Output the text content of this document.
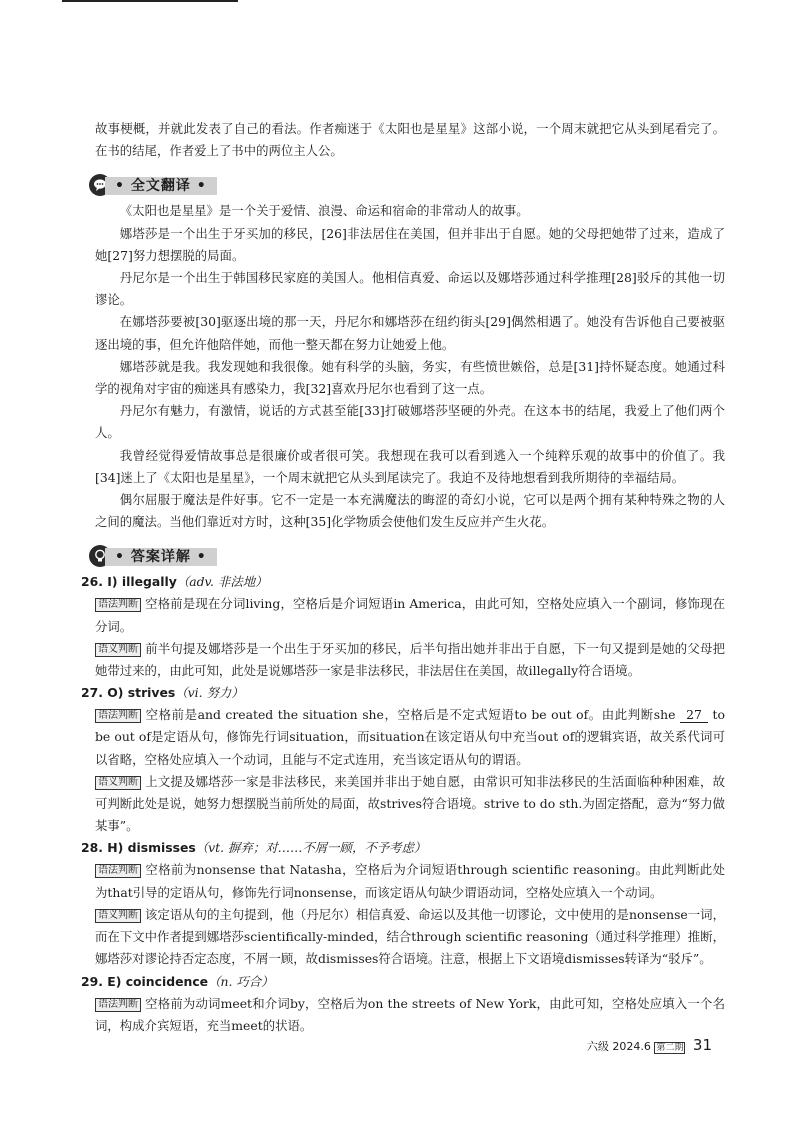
故事梗概，并就此发表了自己的看法。作者痴迷于《太阳也是星星》这部小说，一个周末就把它从头到尾看完了。在书的结尾，作者爱上了书中的两位主人公。

• 全文翻译 •

《太阳也是星星》是一个关于爱情、浪漫、命运和宿命的非常动人的故事。

娜塔莎是一个出生于牙买加的移民，[26]非法居住在美国，但并非出于自愿。她的父母把她带了过来，造成了她[27]努力想摆脱的局面。

丹尼尔是一个出生于韩国移民家庭的美国人。他相信真爱、命运以及娜塔莎通过科学推理[28]驳斥的其他一切谬论。

在娜塔莎要被[30]驱逐出境的那一天，丹尼尔和娜塔莎在纽约街头[29]偶然相遇了。她没有告诉他自己要被驱逐出境的事，但允许他陪伴她，而他一整天都在努力让她爱上他。

娜塔莎就是我。我发现她和我很像。她有科学的头脑，务实，有些愤世嫉俗，总是[31]持怀疑态度。她通过科学的视角对宇宙的痴迷具有感染力，我[32]喜欢丹尼尔也看到了这一点。

丹尼尔有魅力，有激情，说话的方式甚至能[33]打破娜塔莎坚硬的外壳。在这本书的结尾，我爱上了他们两个人。

我曾经觉得爱情故事总是很廉价或者很可笑。我想现在我可以看到逃入一个纯粹乐观的故事中的价值了。我[34]迷上了《太阳也是星星》，一个周末就把它从头到尾读完了。我迫不及待地想看到我所期待的幸福结局。

偶尔屈服于魔法是件好事。它不一定是一本充满魔法的晦涩的奇幻小说，它可以是两个拥有某种特殊之物的人之间的魔法。当他们靠近对方时，这种[35]化学物质会使他们发生反应并产生火花。

• 答案详解 •
26. I) illegally（adv. 非法地）

语法判断 空格前是现在分词living，空格后是介词短语in America，由此可知，空格处应填入一个副词，修饰现在分词。

语义判断 前半句提及娜塔莎是一个出生于牙买加的移民，后半句指出她并非出于自愿，下一句又提到是她的父母把她带过来的，由此可知，此处是说娜塔莎一家是非法移民，非法居住在美国，故illegally符合语境。

27. O) strives（vi. 努力）

语法判断 空格前是and created the situation she，空格后是不定式短语to be out of。由此判断she 27 to be out of是定语从句，修饰先行词situation，而situation在该定语从句中充当out of的逻辑宾语，故关系代词可以省略，空格处应填入一个动词，且能与不定式连用，充当该定语从句的谓语。

语义判断 上文提及娜塔莎一家是非法移民，来美国并非出于她自愿，由常识可知非法移民的生活面临种种困难，故可判断此处是说，她努力想摆脱当前所处的局面，故strives符合语境。strive to do sth.为固定搭配，意为“努力做某事”。

28. H) dismisses（vt. 摒弃；对……不屑一顾，不予考虑）

语法判断 空格前为nonsense that Natasha，空格后为介词短语through scientific reasoning。由此判断此处为that引导的定语从句，修饰先行词nonsense，而该定语从句缺少谓语动词，空格处应填入一个动词。

语义判断 该定语从句的主句提到，他（丹尼尔）相信真爱、命运以及其他一切谬论，文中使用的是nonsense一词，而在下文中作者提到娜塔莎scientifically-minded，结合through scientific reasoning（通过科学推理）推断，娜塔莎对谬论持否定态度，不屑一顾，故dismisses符合语境。注意，根据上下文语境dismisses转译为“驳斥”。

29. E) coincidence（n. 巧合）

语法判断 空格前为动词meet和介词by，空格后为on the streets of New York，由此可知，空格处应填入一个名词，构成介宾短语，充当meet的状语。

六级 2024.6 第二期 31
